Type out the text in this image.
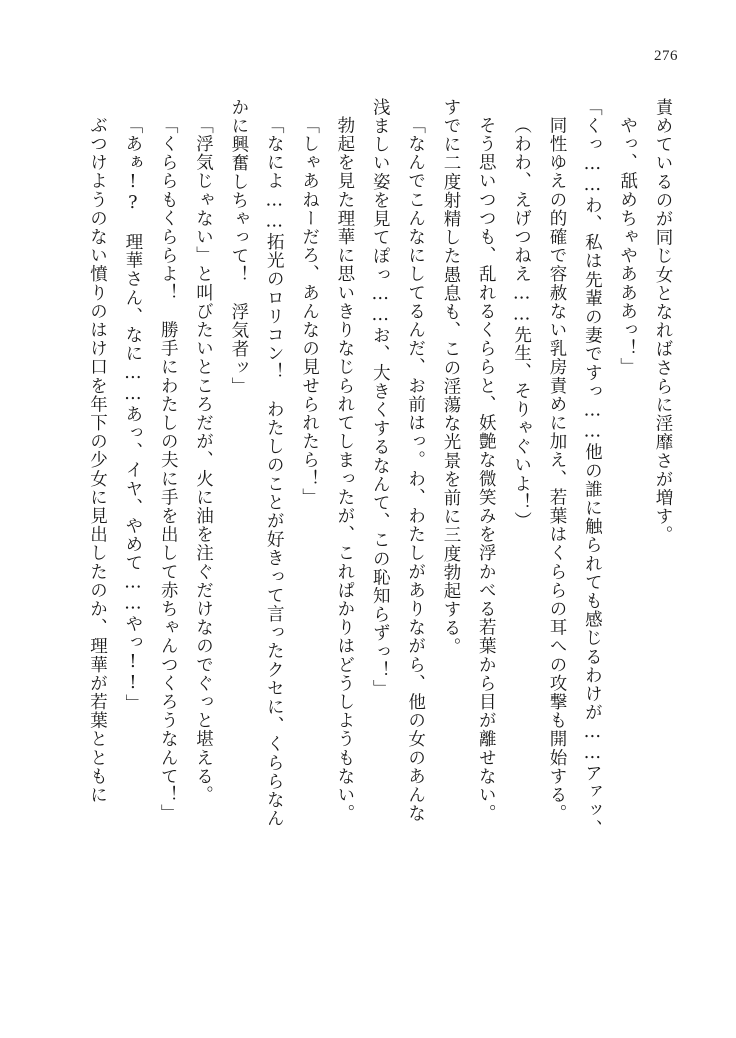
276

責めているのが同じ女となればさらに淫靡さが増す。

やっ、舐めちゃやあああっ！」

「くっ……わ、私は先輩の妻ですっ……他の誰に触られても感じるわけが……アァッ、

同性ゆえの的確で容赦ない乳房責めに加え、若葉はくららの耳への攻撃も開始する。

（わわ、えげつねえ……先生、そりゃぐいよ！）

そう思いつつも、乱れるくららと、妖艶な微笑みを浮かべる若葉から目が離せない。

すでに二度射精した愚息も、この淫蕩な光景を前に三度勃起する。

「なんでこんなにしてるんだ、お前はっ。わ、わたしがありながら、他の女のあんな

浅ましい姿を見てぽっ……お、大きくするなんて、この恥知らずっ！」

勃起を見た理華に思いきりなじられてしまったが、これぱかりはどうしようもない。

「しゃあねーだろ、あんなの見せられたら！」

「なによ……拓光のロリコン！　わたしのことが好きって言ったクセに、くららなん

かに興奮しちゃって！　浮気者ッ」

「浮気じゃない」と叫びたいところだが、火に油を注ぐだけなのでぐっと堪える。

「くららもくららよ！　勝手にわたしの夫に手を出して赤ちゃんつくろうなんて！」

「あぁ!?　理華さん、なに……あっ、イヤ、やめて……やっ!!」

ぶつけようのない憤りのはけ口を年下の少女に見出したのか、理華が若葉とともに
